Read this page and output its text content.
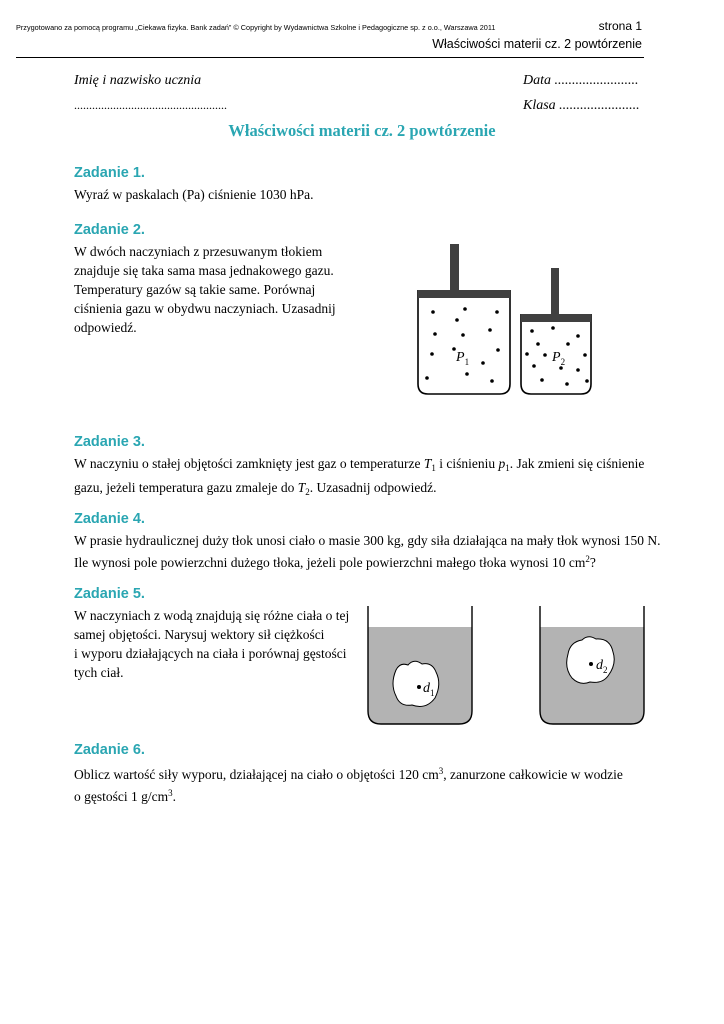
Przygotowano za pomocą programu „Ciekawa fizyka. Bank zadań” © Copyright by Wydawnictwa Szkolne i Pedagogiczne sp. z o.o., Warszawa 2011	strona 1
Właściwości materii cz. 2 powtórzenie
Imię i nazwisko ucznia
...................................................
Data ........................
Klasa .......................
Właściwości materii cz. 2 powtórzenie
Zadanie 1.
Wyraź w paskalach (Pa) ciśnienie 1030 hPa.
Zadanie 2.
W dwóch naczyniach z przesuwanym tłokiem
znajduje się taka sama masa jednakowego gazu.
Temperatury gazów są takie same. Porównaj
ciśnienia gazu w obydwu naczyniach. Uzasadnij
odpowiedź.
$P_1$	$P_2$
Zadanie 3.
W naczyniu o stałej objętości zamknięty jest gaz o temperaturze $T_1$ i ciśnieniu $p_1$. Jak zmieni się ciśnienie
gazu, jeżeli temperatura gazu zmaleje do $T_2$. Uzasadnij odpowiedź.
Zadanie 4.
W prasie hydraulicznej duży tłok unosi ciało o masie 300 kg, gdy siła działająca na mały tłok wynosi 150 N.
Ile wynosi pole powierzchni dużego tłoka, jeżeli pole powierzchni małego tłoka wynosi 10 $cm^2$?
Zadanie 5.
W naczyniach z wodą znajdują się różne ciała o tej
samej objętości. Narysuj wektory sił ciężkości
i wyporu działających na ciała i porównaj gęstości
tych ciał.
$d_1$
$d_2$
Zadanie 6.
Oblicz wartość siły wyporu, działającej na ciało o objętości 120 $cm^3$, zanurzone całkowicie w wodzie
o gęstości 1 $g/cm^3$.
